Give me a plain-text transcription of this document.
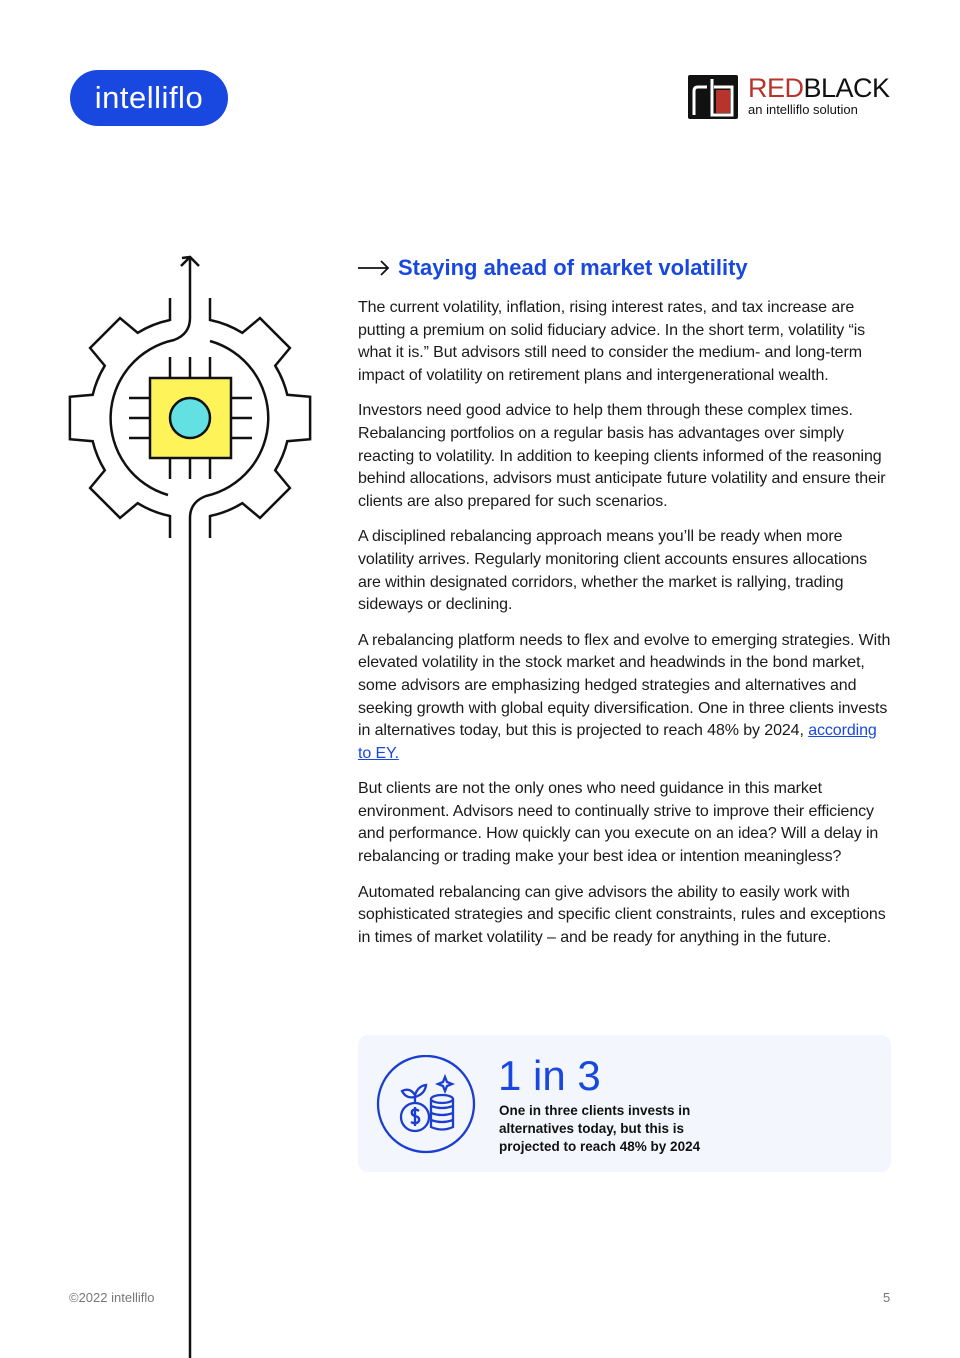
intelliflo	REDBLACK
an intelliflo solution
Staying ahead of market volatility

The current volatility, inflation, rising interest rates, and tax increase are putting a premium on solid fiduciary advice. In the short term, volatility “is what it is.” But advisors still need to consider the medium- and long-term impact of volatility on retirement plans and intergenerational wealth.

Investors need good advice to help them through these complex times. Rebalancing portfolios on a regular basis has advantages over simply reacting to volatility. In addition to keeping clients informed of the reasoning behind allocations, advisors must anticipate future volatility and ensure their clients are also prepared for such scenarios.

A disciplined rebalancing approach means you’ll be ready when more volatility arrives. Regularly monitoring client accounts ensures allocations are within designated corridors, whether the market is rallying, trading sideways or declining.

A rebalancing platform needs to flex and evolve to emerging strategies. With elevated volatility in the stock market and headwinds in the bond market, some advisors are emphasizing hedged strategies and alternatives and seeking growth with global equity diversification. One in three clients invests in alternatives today, but this is projected to reach 48% by 2024, according to EY.

But clients are not the only ones who need guidance in this market environment. Advisors need to continually strive to improve their efficiency and performance. How quickly can you execute on an idea? Will a delay in rebalancing or trading make your best idea or intention meaningless?

Automated rebalancing can give advisors the ability to easily work with sophisticated strategies and specific client constraints, rules and exceptions in times of market volatility – and be ready for anything in the future.

1 in 3
One in three clients invests in alternatives today, but this is projected to reach 48% by 2024
©2022 intelliflo	5
